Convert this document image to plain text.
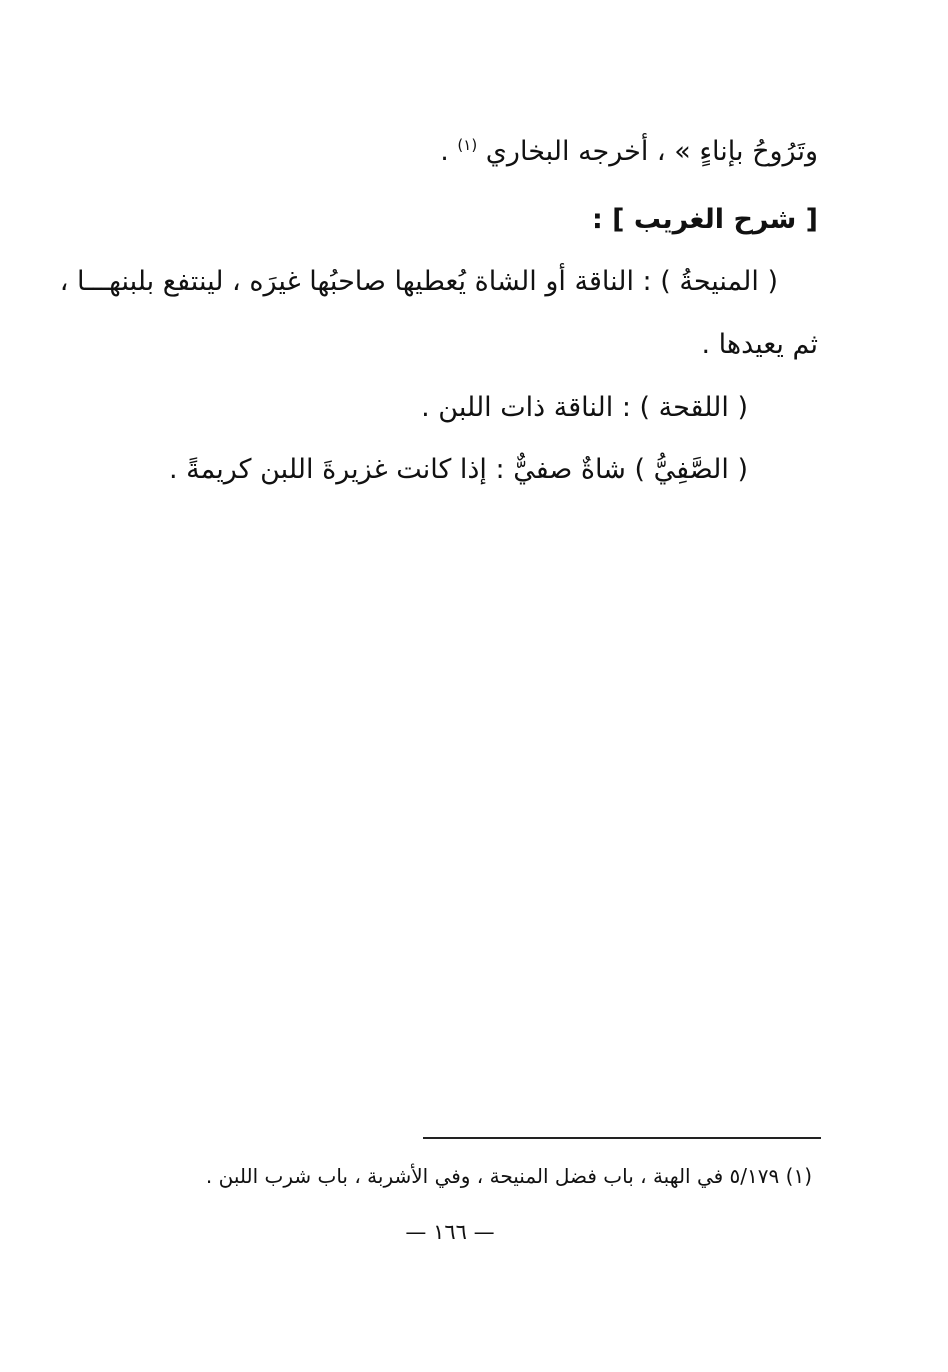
وتَرُوحُ بإناءٍ » ، أخرجه البخاري $^{(١)}$ .
[ شرح الغريب ] :
( المنيحةُ ) : الناقة أو الشاة يُعطيها صاحبُها غيرَه ، لينتفع بلبنهـــا ،
ثم يعيدها .
( اللقحة ) : الناقة ذات اللبن .
( الصَّفِيُّ ) شاةٌ صفيٌّ : إذا كانت غزيرةَ اللبن كريمةً .
(١) ٥/١٧٩ في الهبة ، باب فضل المنيحة ، وفي الأشربة ، باب شرب اللبن .
— ١٦٦ —
